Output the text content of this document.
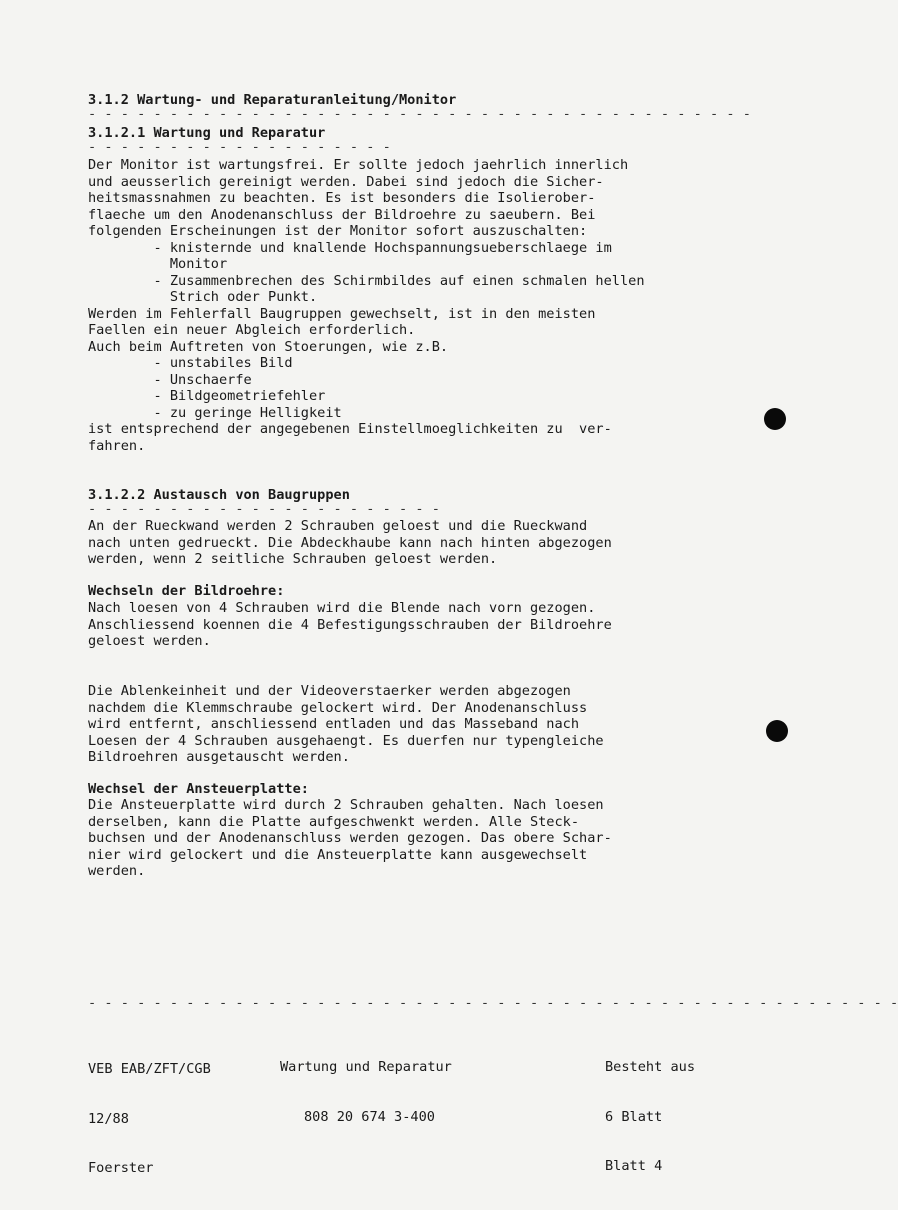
3.1.2 Wartung- und Reparaturanleitung/Monitor
- - - - - - - - - - - - - - - - - - - - - - - - - - - - - - - - - - - - - - - - -
3.1.2.1 Wartung und Reparatur
- - - - - - - - - - - - - - - - - - -
Der Monitor ist wartungsfrei. Er sollte jedoch jaehrlich innerlich
und aeusserlich gereinigt werden. Dabei sind jedoch die Sicher-
heitsmassnahmen zu beachten. Es ist besonders die Isolierober-
flaeche um den Anodenanschluss der Bildroehre zu saeubern. Bei
folgenden Erscheinungen ist der Monitor sofort auszuschalten:
- knisternde und knallende Hochspannungsueberschlaege im
Monitor
- Zusammenbrechen des Schirmbildes auf einen schmalen hellen
Strich oder Punkt.
Werden im Fehlerfall Baugruppen gewechselt, ist in den meisten
Faellen ein neuer Abgleich erforderlich.
Auch beim Auftreten von Stoerungen, wie z.B.
- unstabiles Bild
- Unschaerfe
- Bildgeometriefehler
- zu geringe Helligkeit
ist entsprechend der angegebenen Einstellmoeglichkeiten zu  ver-
fahren.
3.1.2.2 Austausch von Baugruppen
- - - - - - - - - - - - - - - - - - - - - -
An der Rueckwand werden 2 Schrauben geloest und die Rueckwand
nach unten gedrueckt. Die Abdeckhaube kann nach hinten abgezogen
werden, wenn 2 seitliche Schrauben geloest werden.
Wechseln der Bildroehre:
Nach loesen von 4 Schrauben wird die Blende nach vorn gezogen.
Anschliessend koennen die 4 Befestigungsschrauben der Bildroehre
geloest werden.
Die Ablenkeinheit und der Videoverstaerker werden abgezogen
nachdem die Klemmschraube gelockert wird. Der Anodenanschluss
wird entfernt, anschliessend entladen und das Masseband nach
Loesen der 4 Schrauben ausgehaengt. Es duerfen nur typengleiche
Bildroehren ausgetauscht werden.
Wechsel der Ansteuerplatte:
Die Ansteuerplatte wird durch 2 Schrauben gehalten. Nach loesen
derselben, kann die Platte aufgeschwenkt werden. Alle Steck-
buchsen und der Anodenanschluss werden gezogen. Das obere Schar-
nier wird gelockert und die Ansteuerplatte kann ausgewechselt
werden.
- - - - - - - - - - - - - - - - - - - - - - - - - - - - - - - - - - - - - - - - - - - - - - - - - -

VEB EAB/ZFT/CGB

12/88

Foerster

Wartung und Reparatur

808 20 674 3-400

Besteht aus

6 Blatt

Blatt 4
